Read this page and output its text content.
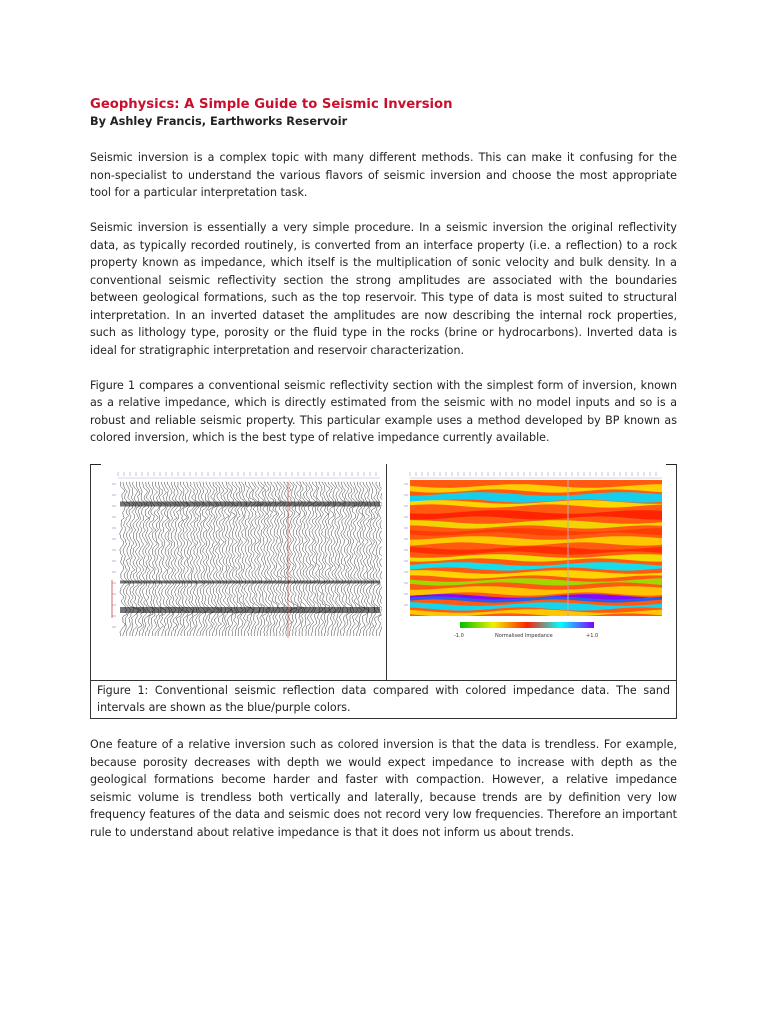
Geophysics: A Simple Guide to Seismic Inversion
By Ashley Francis, Earthworks Reservoir

Seismic inversion is a complex topic with many different methods. This can make it confusing for the non-specialist to understand the various flavors of seismic inversion and choose the most appropriate tool for a particular interpretation task.

Seismic inversion is essentially a very simple procedure. In a seismic inversion the original reflectivity data, as typically recorded routinely, is converted from an interface property (i.e. a reflection) to a rock property known as impedance, which itself is the multiplication of sonic velocity and bulk density. In a conventional seismic reflectivity section the strong amplitudes are associated with the boundaries between geological formations, such as the top reservoir. This type of data is most suited to structural interpretation. In an inverted dataset the amplitudes are now describing the internal rock properties, such as lithology type, porosity or the fluid type in the rocks (brine or hydrocarbons). Inverted data is ideal for stratigraphic interpretation and reservoir characterization.

Figure 1 compares a conventional seismic reflectivity section with the simplest form of inversion, known as a relative impedance, which is directly estimated from the seismic with no model inputs and so is a robust and reliable seismic property. This particular example uses a method developed by BP known as colored inversion, which is the best type of relative impedance currently available.

-1.0	Normalised Impedance	+1.0
Figure 1: Conventional seismic reflection data compared with colored impedance data. The sand intervals are shown as the blue/purple colors.

One feature of a relative inversion such as colored inversion is that the data is trendless. For example, because porosity decreases with depth we would expect impedance to increase with depth as the geological formations become harder and faster with compaction. However, a relative impedance seismic volume is trendless both vertically and laterally, because trends are by definition very low frequency features of the data and seismic does not record very low frequencies. Therefore an important rule to understand about relative impedance is that it does not inform us about trends.
